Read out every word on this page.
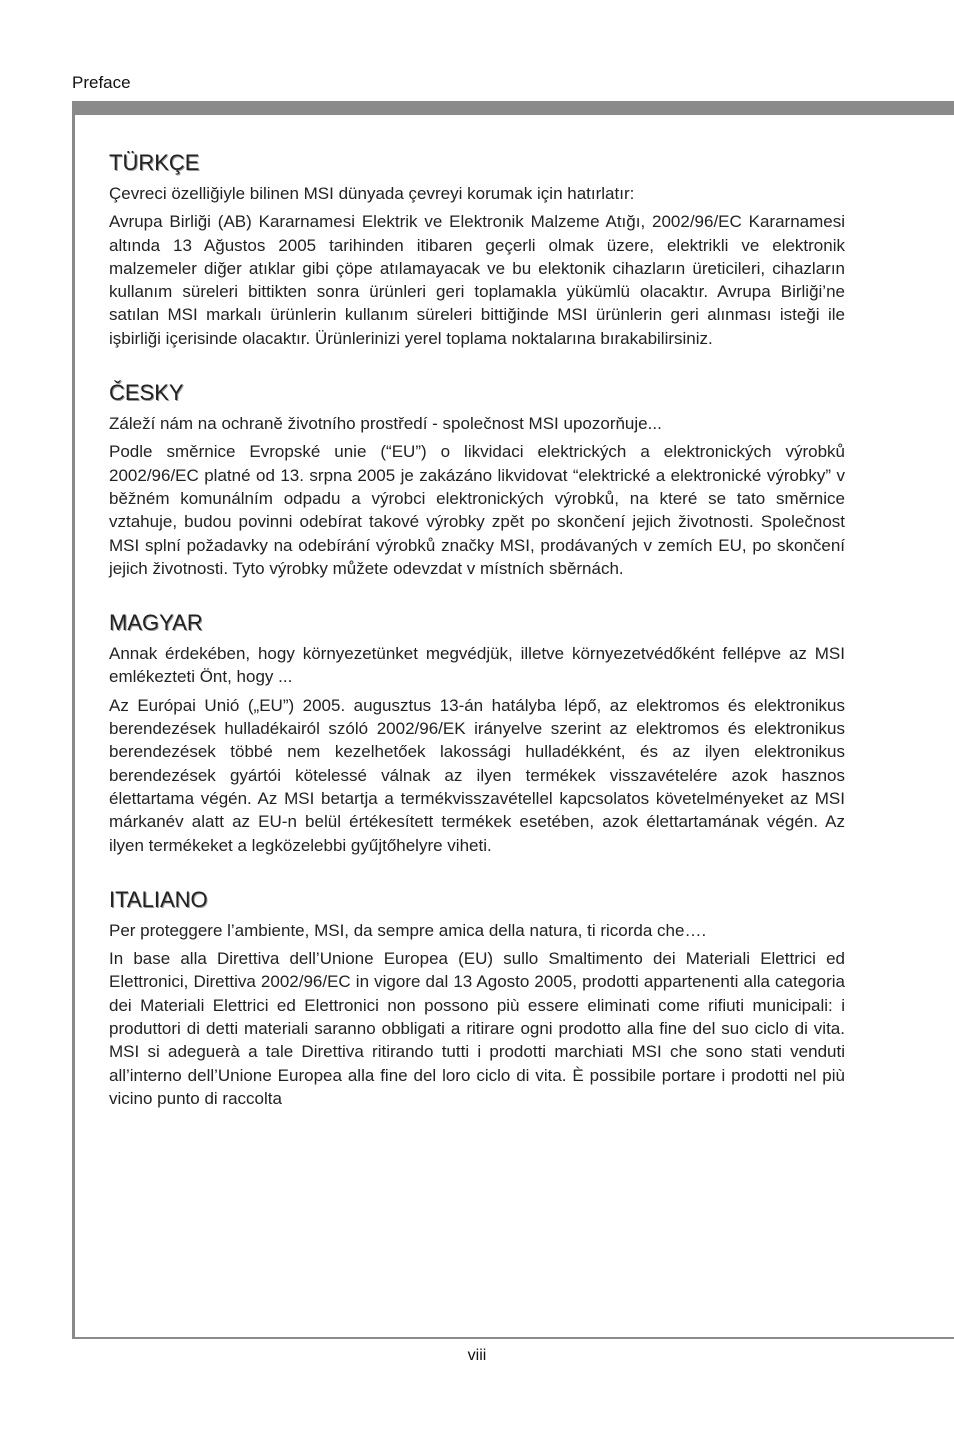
Preface
TÜRKÇE

Çevreci özelliğiyle bilinen MSI dünyada çevreyi korumak için hatırlatır:

Avrupa Birliği (AB) Kararnamesi Elektrik ve Elektronik Malzeme Atığı, 2002/96/EC Kararnamesi altında 13 Ağustos 2005 tarihinden itibaren geçerli olmak üzere, elektrikli ve elektronik malzemeler diğer atıklar gibi çöpe atılamayacak ve bu elektonik cihazların üreticileri, cihazların kullanım süreleri bittikten sonra ürünleri geri toplamakla yükümlü olacaktır. Avrupa Birliği’ne satılan MSI markalı ürünlerin kullanım süreleri bittiğinde MSI ürünlerin geri alınması isteği ile işbirliği içerisinde olacaktır. Ürünlerinizi yerel toplama noktalarına bırakabilirsiniz.

ČESKY

Záleží nám na ochraně životního prostředí - společnost MSI upozorňuje...

Podle směrnice Evropské unie (“EU”) o likvidaci elektrických a elektronických výrobků 2002/96/EC platné od 13. srpna 2005 je zakázáno likvidovat “elektrické a elektronické výrobky” v běžném komunálním odpadu a výrobci elektronických výrobků, na které se tato směrnice vztahuje, budou povinni odebírat takové výrobky zpět po skončení jejich životnosti. Společnost MSI splní požadavky na odebírání výrobků značky MSI, prodávaných v zemích EU, po skončení jejich životnosti. Tyto výrobky můžete odevzdat v místních sběrnách.

MAGYAR

Annak érdekében, hogy környezetünket megvédjük, illetve környezetvédőként fellépve az MSI emlékezteti Önt, hogy ...

Az Európai Unió („EU”) 2005. augusztus 13-án hatályba lépő, az elektromos és elektronikus berendezések hulladékairól szóló 2002/96/EK irányelve szerint az elektromos és elektronikus berendezések többé nem kezelhetőek lakossági hulladékként, és az ilyen elektronikus berendezések gyártói kötelessé válnak az ilyen termékek visszavételére azok hasznos élettartama végén. Az MSI betartja a termékvisszavétellel kapcsolatos követelményeket az MSI márkanév alatt az EU-n belül értékesített termékek esetében, azok élettartamának végén. Az ilyen termékeket a legközelebbi gyűjtőhelyre viheti.

ITALIANO

Per proteggere l’ambiente, MSI, da sempre amica della natura, ti ricorda che….

In base alla Direttiva dell’Unione Europea (EU) sullo Smaltimento dei Materiali Elettrici ed Elettronici, Direttiva 2002/96/EC in vigore dal 13 Agosto 2005, prodotti appartenenti alla categoria dei Materiali Elettrici ed Elettronici non possono più essere eliminati come rifiuti municipali: i produttori di detti materiali saranno obbligati a ritirare ogni prodotto alla fine del suo ciclo di vita. MSI si adeguerà a tale Direttiva ritirando tutti i prodotti marchiati MSI che sono stati venduti all’interno dell’Unione Europea alla fine del loro ciclo di vita. È possibile portare i prodotti nel più vicino punto di raccolta

viii
